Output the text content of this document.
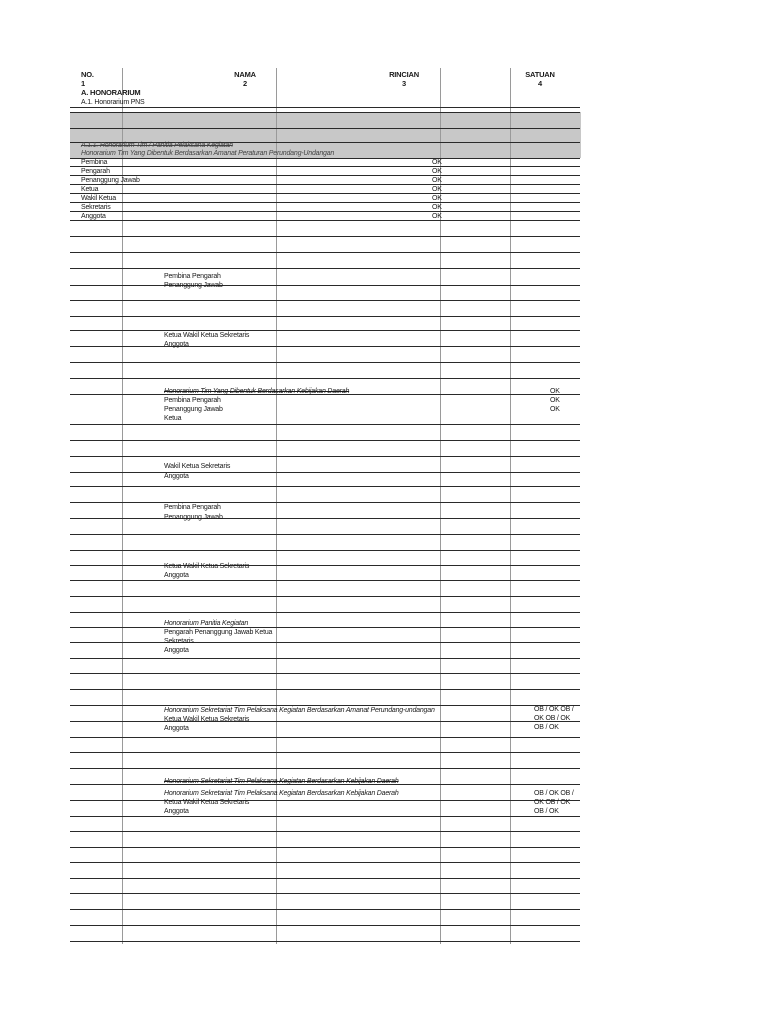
NO.
1
NAMA
2
RINCIAN
3
SATUAN
4
A. HONORARIUM
A.1. Honorarium PNS
A.1.1. Honorarium Tim / Panitia Pelaksana Kegiatan
Honorarium Tim Yang Dibentuk Berdasarkan Amanat Peraturan Perundang-Undangan
Pembina
Pengarah
Penanggung Jawab
Ketua
Wakil Ketua
Sekretaris
Anggota
OK
OK
OK
OK
OK
OK
OK
Pembina Pengarah
Penanggung Jawab
Ketua Wakil Ketua Sekretaris
Anggota
Honorarium Tim Yang Dibentuk Berdasarkan Kebijakan Daerah
Pembina Pengarah
Penanggung Jawab
Ketua
OK
OK
OK
Wakil Ketua Sekretaris
Anggota
Pembina Pengarah
Penanggung Jawab
Ketua Wakil Ketua Sekretaris
Anggota
Honorarium Panitia Kegiatan
Pengarah Penanggung Jawab Ketua
Sekretaris
Anggota
Honorarium Sekretariat Tim Pelaksana Kegiatan Berdasarkan Amanat Perundang-undangan
Ketua Wakil Ketua Sekretaris
Anggota
OB / OK OB /
OK OB / OK
OB / OK
Honorarium Sekretariat Tim Pelaksana Kegiatan Berdasarkan Kebijakan Daerah
Honorarium Sekretariat Tim Pelaksana Kegiatan Berdasarkan Kebijakan Daerah
Ketua Wakil Ketua Sekretaris
Anggota
OB / OK OB /
OK OB / OK
OB / OK
